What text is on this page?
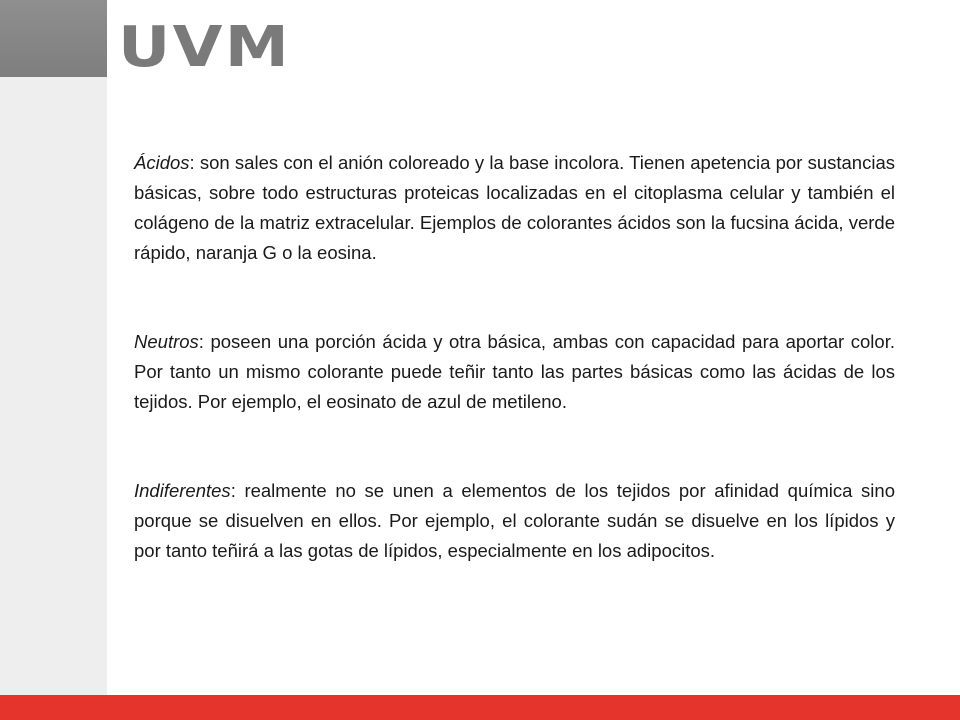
UVM

Ácidos: son sales con el anión coloreado y la base incolora. Tienen apetencia por sustancias básicas, sobre todo estructuras proteicas localizadas en el citoplasma celular y también el colágeno de la matriz extracelular. Ejemplos de colorantes ácidos son la fucsina ácida, verde rápido, naranja G o la eosina.

Neutros: poseen una porción ácida y otra básica, ambas con capacidad para aportar color. Por tanto un mismo colorante puede teñir tanto las partes básicas como las ácidas de los tejidos. Por ejemplo, el eosinato de azul de metileno.

Indiferentes: realmente no se unen a elementos de los tejidos por afinidad química sino porque se disuelven en ellos. Por ejemplo, el colorante sudán se disuelve en los lípidos y por tanto teñirá a las gotas de lípidos, especialmente en los adipocitos.
